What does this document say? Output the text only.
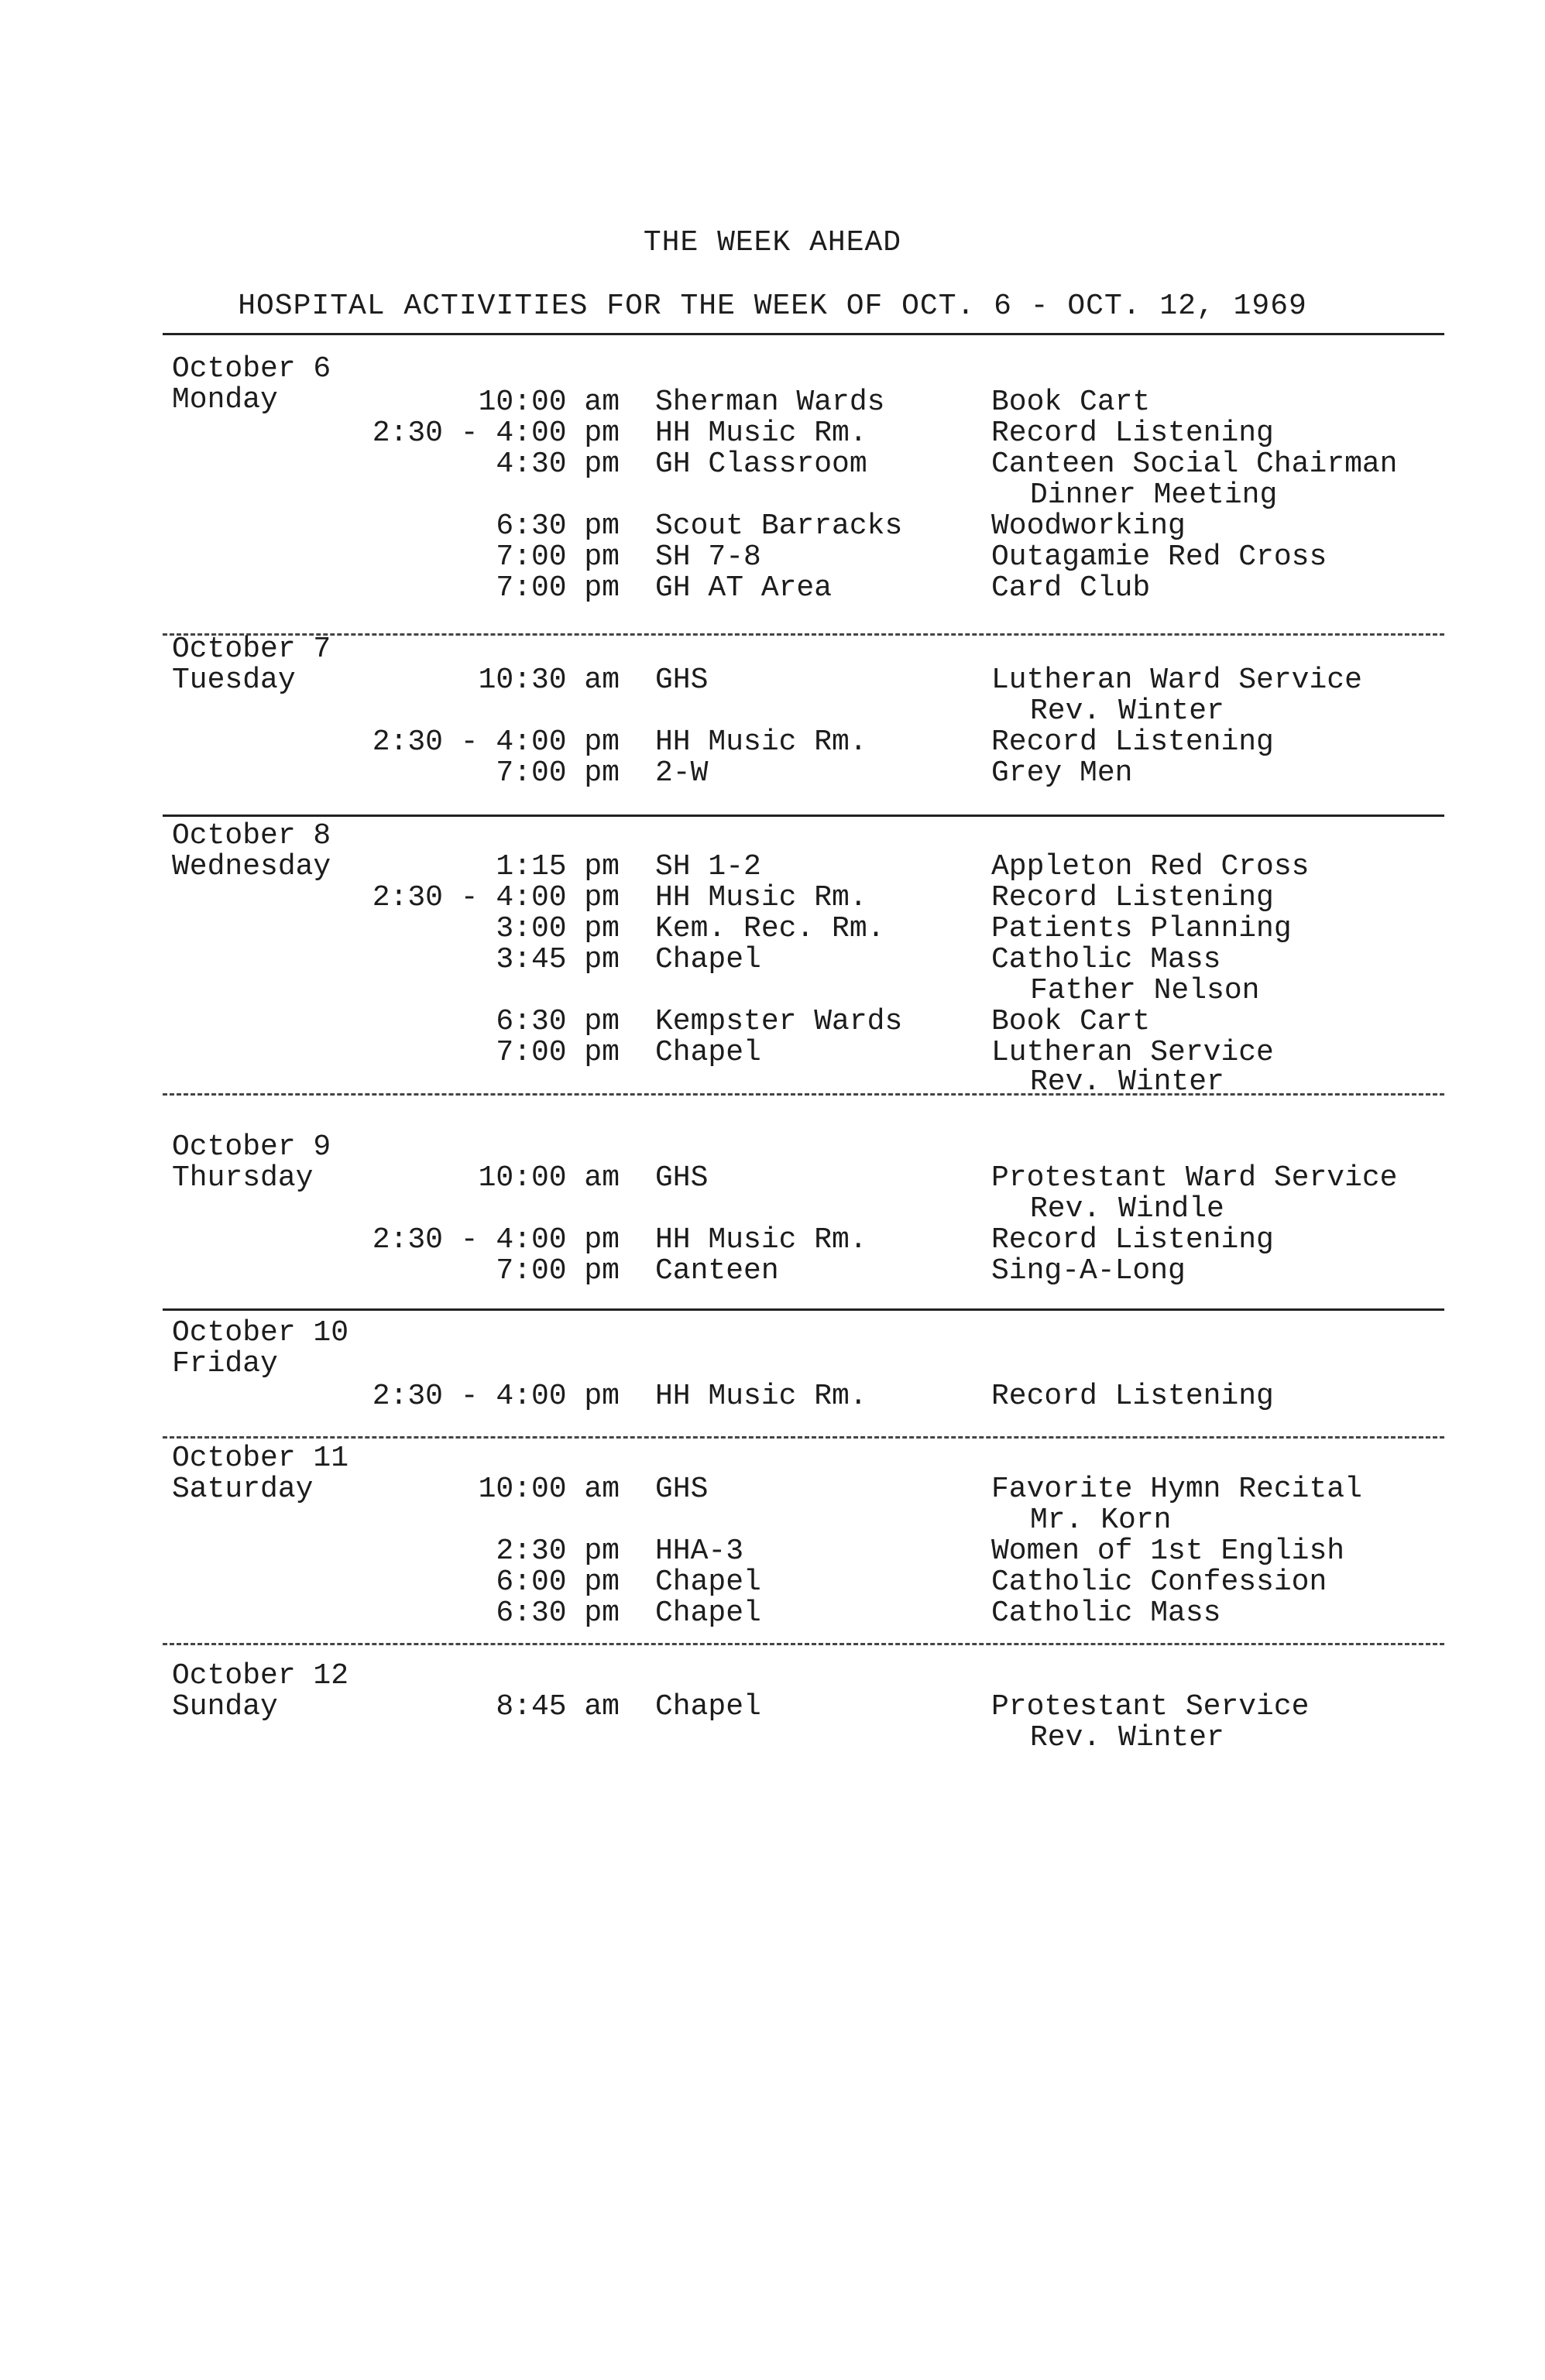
THE WEEK AHEAD
HOSPITAL ACTIVITIES FOR THE WEEK OF OCT. 6 - OCT. 12, 1969
October 6
Monday	10:00 am Sherman Wards	Book Cart
2:30 - 4:00 pm HH Music Rm.	Record Listening
4:30 pm GH Classroom	Canteen Social Chairman
Dinner Meeting
6:30 pm Scout Barracks	Woodworking
7:00 pm SH 7-8	Outagamie Red Cross
7:00 pm GH AT Area	Card Club
October 7
Tuesday	10:30 am GHS	Lutheran Ward Service
Rev. Winter
2:30 - 4:00 pm HH Music Rm.	Record Listening
7:00 pm 2-W	Grey Men
October 8
Wednesday	1:15 pm SH 1-2	Appleton Red Cross
2:30 - 4:00 pm HH Music Rm.	Record Listening
3:00 pm Kem. Rec. Rm.	Patients Planning
3:45 pm Chapel	Catholic Mass
Father Nelson
6:30 pm Kempster Wards	Book Cart
7:00 pm Chapel	Lutheran Service
Rev. Winter
October 9
Thursday	10:00 am GHS	Protestant Ward Service
Rev. Windle
2:30 - 4:00 pm HH Music Rm.	Record Listening
7:00 pm Canteen	Sing-A-Long
October 10
Friday
2:30 - 4:00 pm HH Music Rm.	Record Listening
October 11
Saturday	10:00 am GHS	Favorite Hymn Recital
Mr. Korn
2:30 pm HHA-3	Women of 1st English
6:00 pm Chapel	Catholic Confession
6:30 pm Chapel	Catholic Mass
October 12
Sunday	8:45 am Chapel	Protestant Service
Rev. Winter
